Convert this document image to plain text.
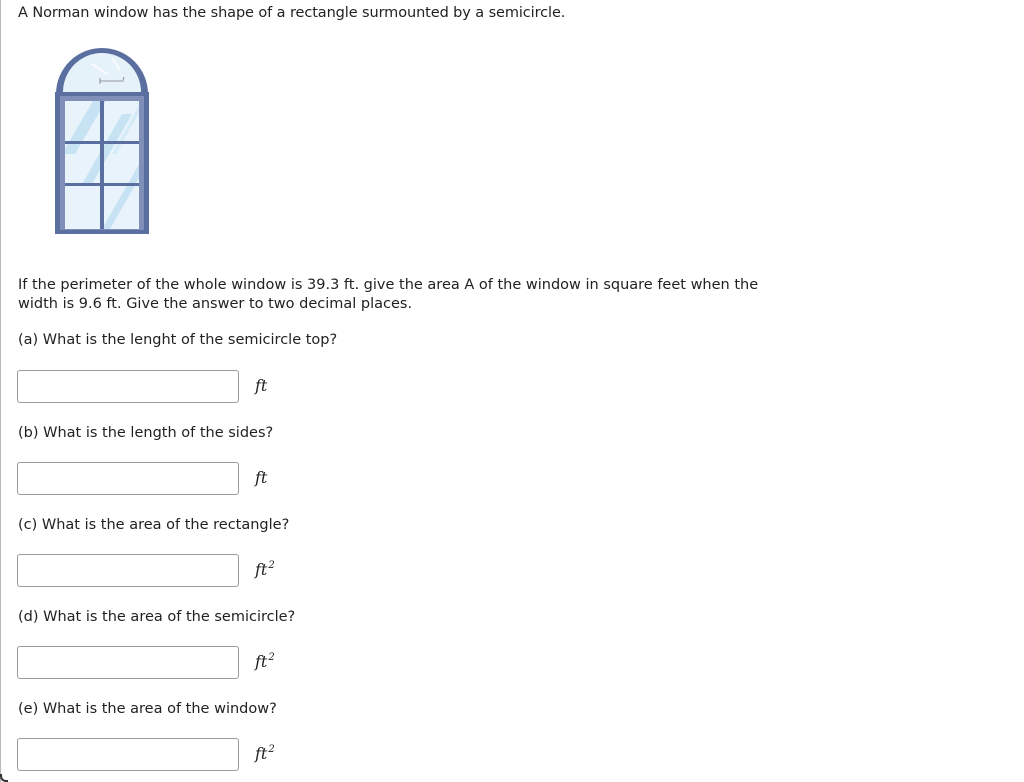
A Norman window has the shape of a rectangle surmounted by a semicircle.
If the perimeter of the whole window is 39.3 ft. give the area A of the window in square feet when the width is 9.6 ft. Give the answer to two decimal places.
(a) What is the lenght of the semicircle top?
ft
(b) What is the length of the sides?
ft
(c) What is the area of the rectangle?
$ft^2$
(d) What is the area of the semicircle?
$ft^2$
(e) What is the area of the window?
$ft^2$
